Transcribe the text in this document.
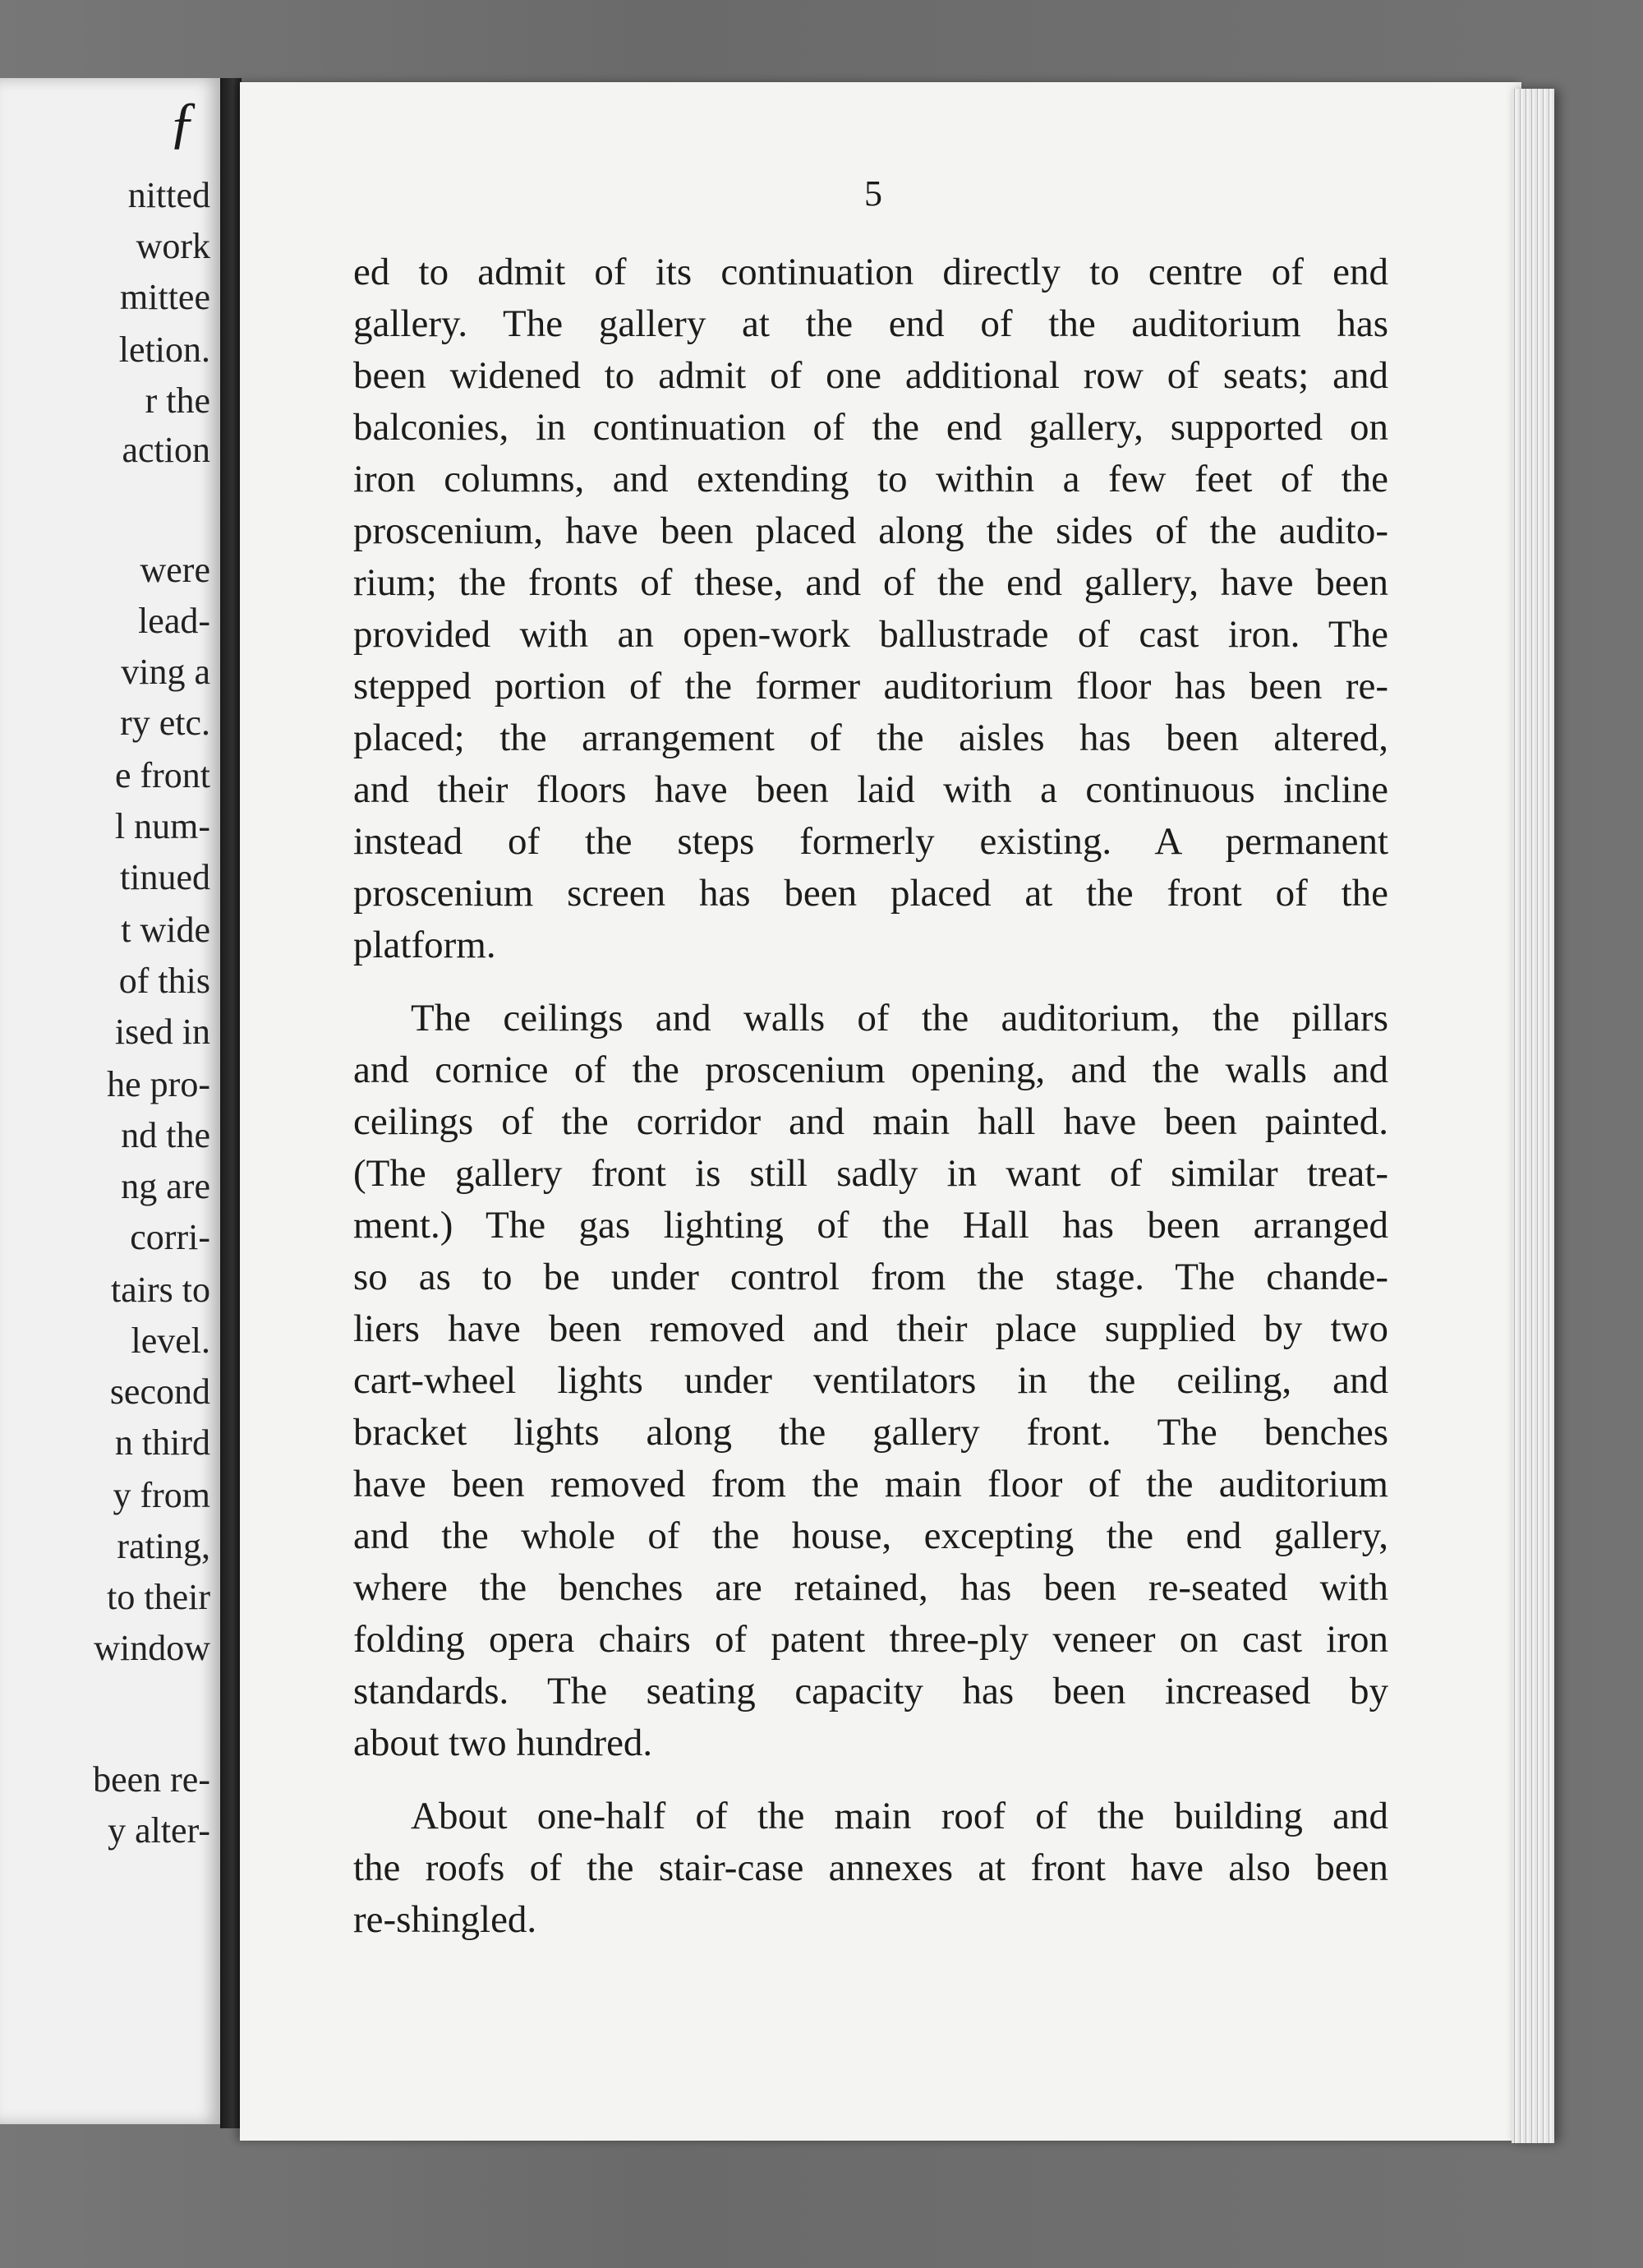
nitted
work
mittee
letion.
r the
action
were
lead-
ving a
ry etc.
e front
l num-
tinued
t wide
of this
ised in
he pro-
nd the
ng are
corri-
tairs to
level.
second
n third
y from
rating,
to their
window
been re-
y alter-
ƒ
5
ed to admit of its continuation directly to centre of end
gallery. The gallery at the end of the auditorium has
been widened to admit of one additional row of seats; and
balconies, in continuation of the end gallery, supported on
iron columns, and extending to within a few feet of the
proscenium, have been placed along the sides of the audito-
rium; the fronts of these, and of the end gallery, have been
provided with an open-work ballustrade of cast iron. The
stepped portion of the former auditorium floor has been re-
placed; the arrangement of the aisles has been altered,
and their floors have been laid with a continuous incline
instead of the steps formerly existing. A permanent
proscenium screen has been placed at the front of the
platform.
The ceilings and walls of the auditorium, the pillars
and cornice of the proscenium opening, and the walls and
ceilings of the corridor and main hall have been painted.
(The gallery front is still sadly in want of similar treat-
ment.) The gas lighting of the Hall has been arranged
so as to be under control from the stage. The chande-
liers have been removed and their place supplied by two
cart-wheel lights under ventilators in the ceiling, and
bracket lights along the gallery front. The benches
have been removed from the main floor of the auditorium
and the whole of the house, excepting the end gallery,
where the benches are retained, has been re-seated with
folding opera chairs of patent three-ply veneer on cast iron
standards. The seating capacity has been increased by
about two hundred.
About one-half of the main roof of the building and
the roofs of the stair-case annexes at front have also been
re-shingled.
